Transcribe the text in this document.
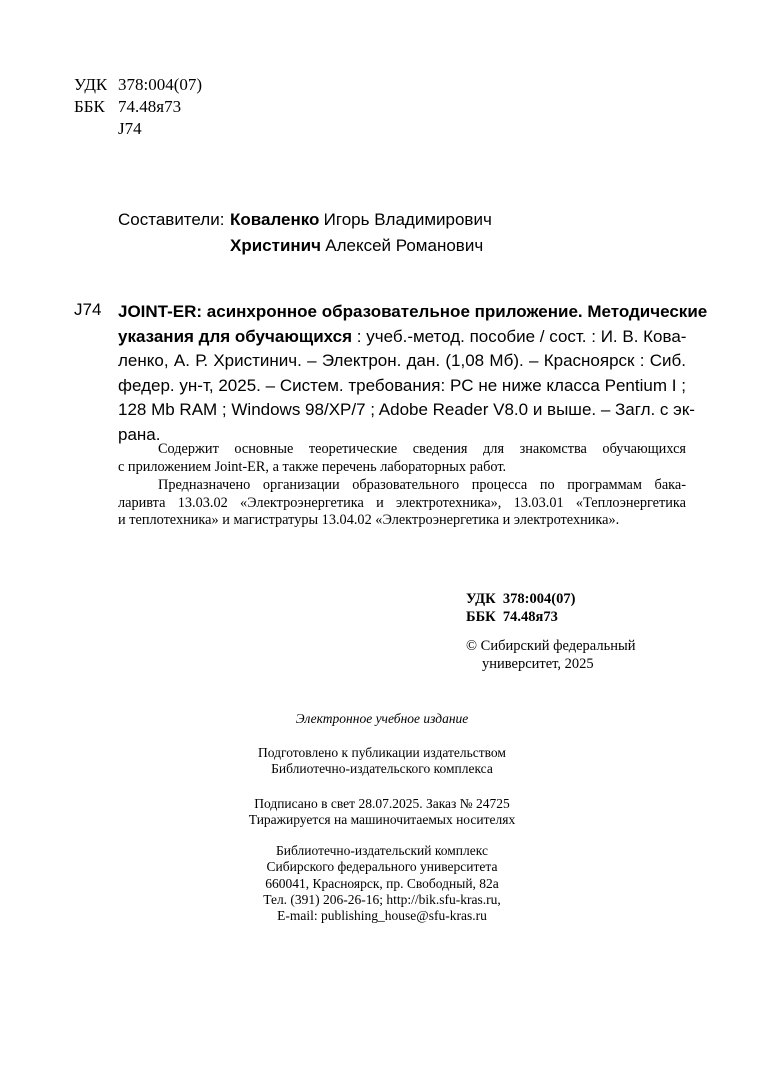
УДК 378:004(07)
ББК 74.48я73
J74
Составители: Коваленко Игорь Владимирович
Христинич Алексей Романович
J74 JOINT-ER: асинхронное образовательное приложение. Методические
указания для обучающихся : учеб.-метод. пособие / сост. : И. В. Кова-
ленко, А. Р. Христинич. – Электрон. дан. (1,08 Мб). – Красноярск : Сиб.
федер. ун-т, 2025. – Систем. требования: PC не ниже класса Pentium I ;
128 Mb RAM ; Windows 98/XP/7 ; Adobe Reader V8.0 и выше. – Загл. с эк-
рана.
Содержит основные теоретические сведения для знакомства обучающихся
с приложением Joint-ER, а также перечень лабораторных работ.
Предназначено организации образовательного процесса по программам бака-
ларивта 13.03.02 «Электроэнергетика и электротехника», 13.03.01 «Теплоэнергетика
и теплотехника» и магистратуры 13.04.02 «Электроэнергетика и электротехника».
УДК  378:004(07)
ББК  74.48я73
© Сибирский федеральный
университет, 2025
Электронное учебное издание
Подготовлено к публикации издательством
Библиотечно-издательского комплекса
Подписано в свет 28.07.2025. Заказ № 24725
Тиражируется на машиночитаемых носителях
Библиотечно-издательский комплекс
Сибирского федерального университета
660041, Красноярск, пр. Свободный, 82а
Тел. (391) 206-26-16; http://bik.sfu-kras.ru,
E-mail: publishing_house@sfu-kras.ru
